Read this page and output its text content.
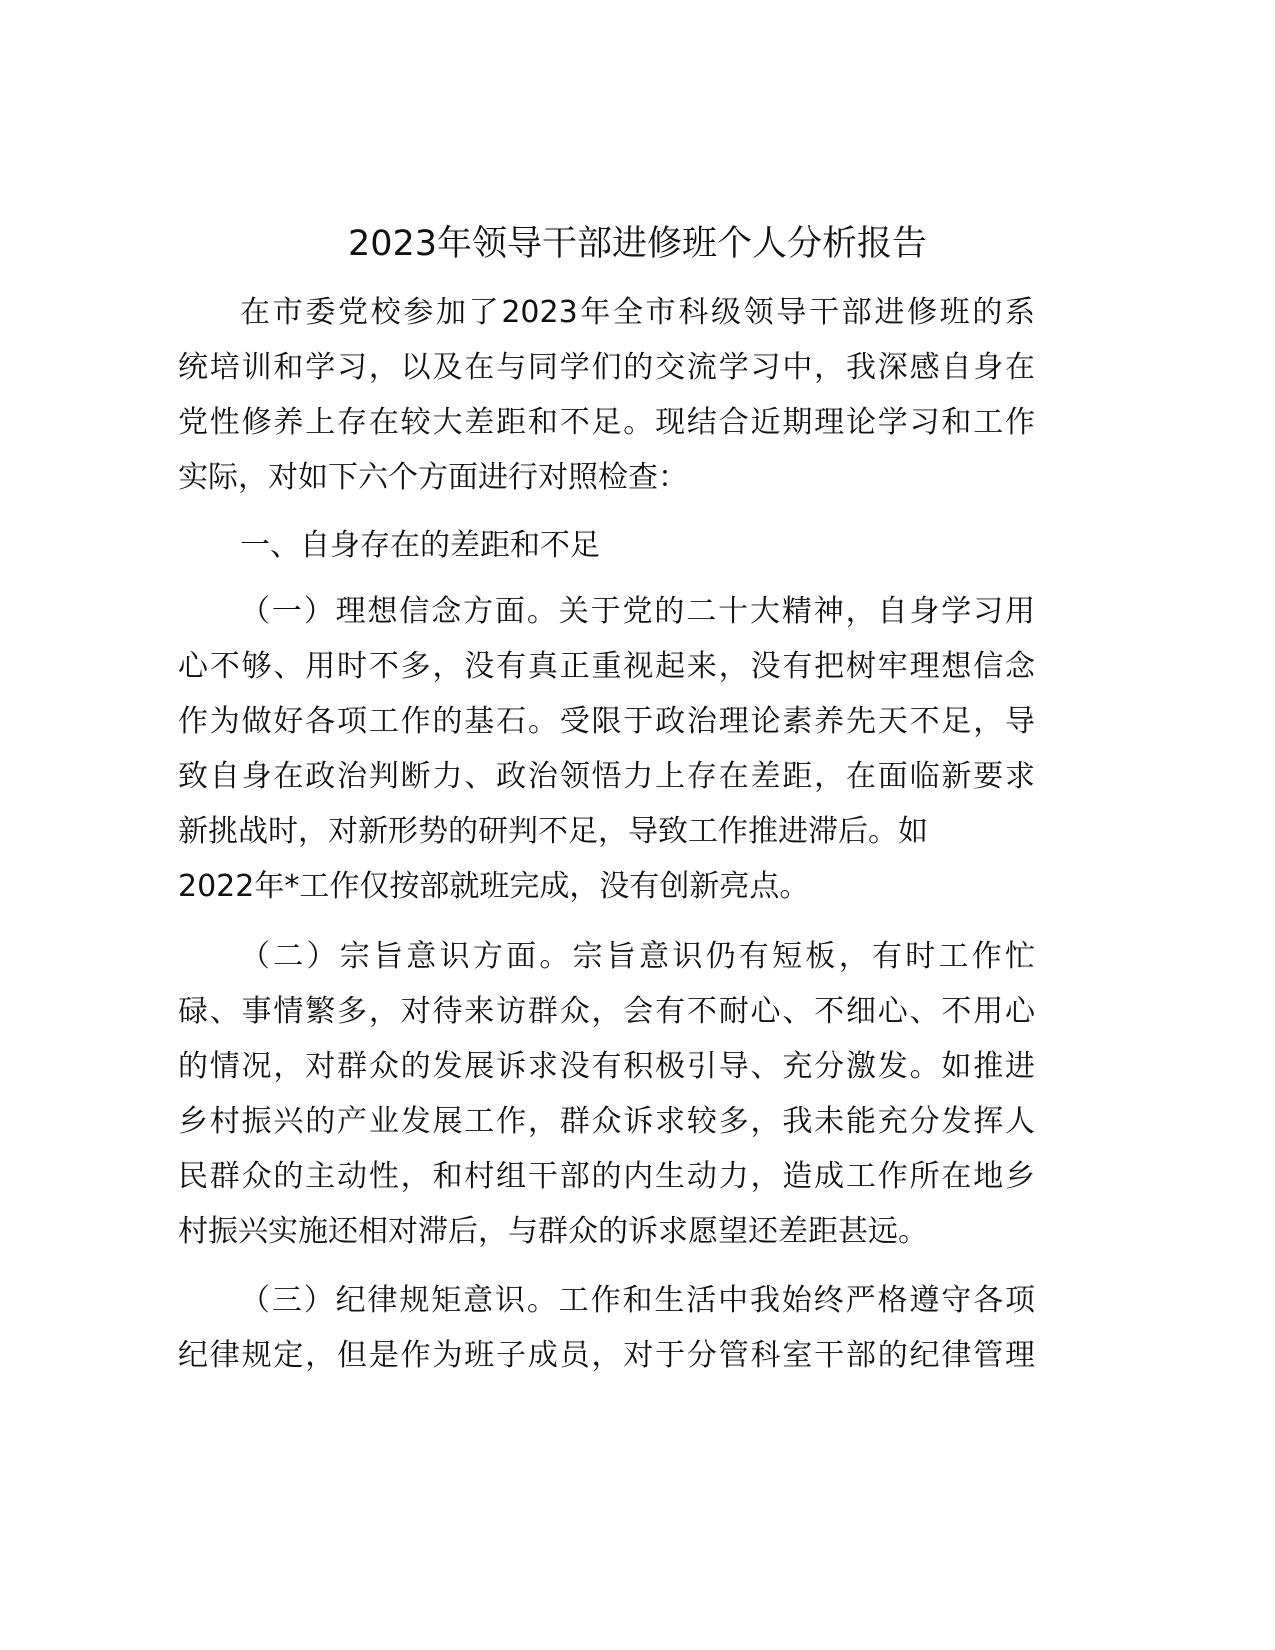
2023年领导干部进修班个人分析报告
在市委党校参加了2023年全市科级领导干部进修班的系
统培训和学习，以及在与同学们的交流学习中，我深感自身在
党性修养上存在较大差距和不足。现结合近期理论学习和工作
实际，对如下六个方面进行对照检查：
一、自身存在的差距和不足
（一）理想信念方面。关于党的二十大精神，自身学习用
心不够、用时不多，没有真正重视起来，没有把树牢理想信念
作为做好各项工作的基石。受限于政治理论素养先天不足，导
致自身在政治判断力、政治领悟力上存在差距，在面临新要求
新挑战时，对新形势的研判不足，导致工作推进滞后。如
2022年*工作仅按部就班完成，没有创新亮点。
（二）宗旨意识方面。宗旨意识仍有短板，有时工作忙
碌、事情繁多，对待来访群众，会有不耐心、不细心、不用心
的情况，对群众的发展诉求没有积极引导、充分激发。如推进
乡村振兴的产业发展工作，群众诉求较多，我未能充分发挥人
民群众的主动性，和村组干部的内生动力，造成工作所在地乡
村振兴实施还相对滞后，与群众的诉求愿望还差距甚远。
（三）纪律规矩意识。工作和生活中我始终严格遵守各项
纪律规定，但是作为班子成员，对于分管科室干部的纪律管理
